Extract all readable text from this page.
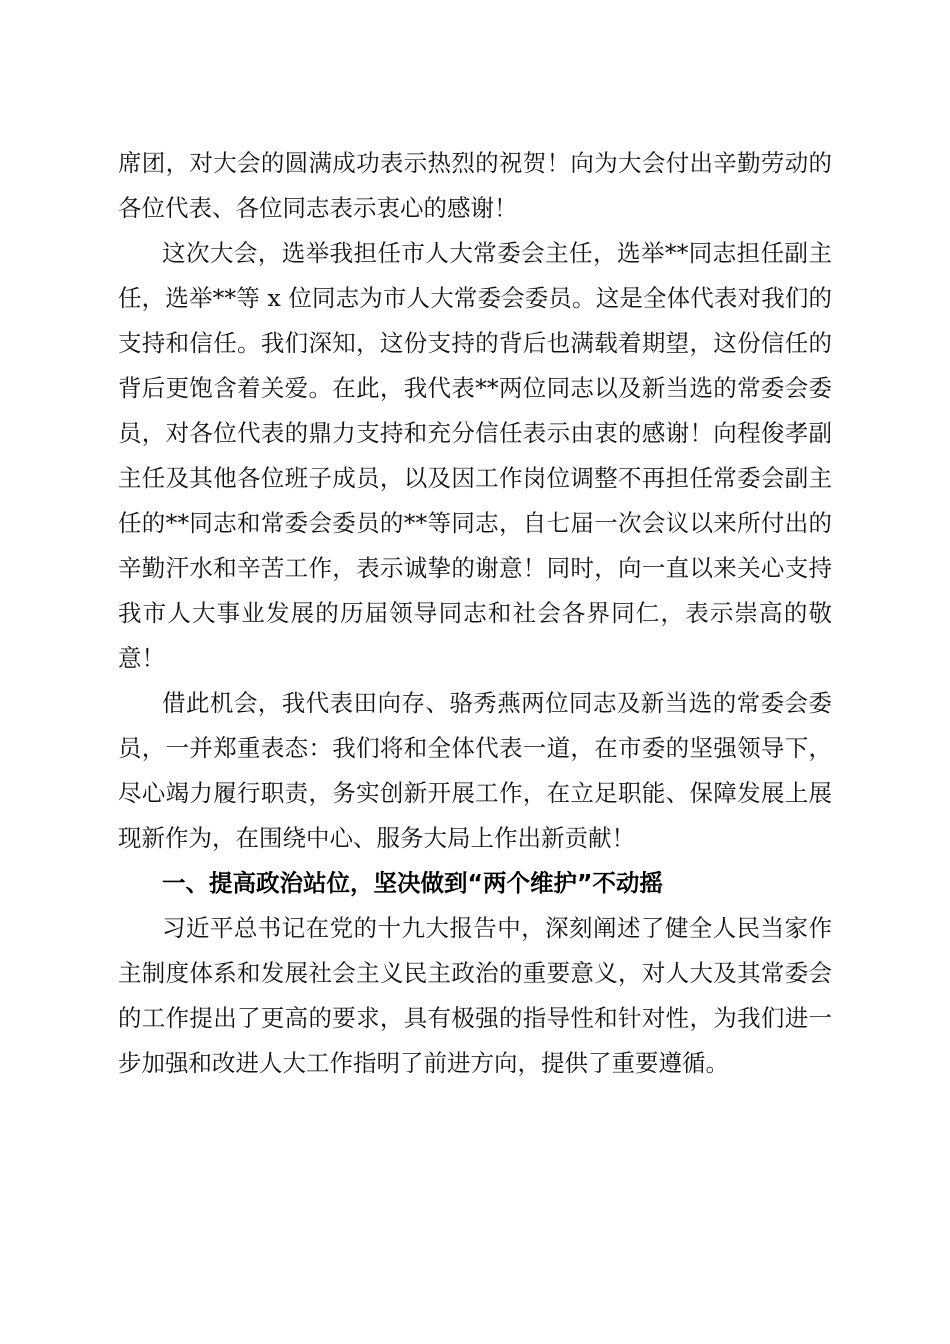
席团，对大会的圆满成功表示热烈的祝贺！向为大会付出辛勤劳动的各位代表、各位同志表示衷心的感谢！

这次大会，选举我担任市人大常委会主任，选举**同志担任副主任，选举**等 x 位同志为市人大常委会委员。这是全体代表对我们的支持和信任。我们深知，这份支持的背后也满载着期望，这份信任的背后更饱含着关爱。在此，我代表**两位同志以及新当选的常委会委员，对各位代表的鼎力支持和充分信任表示由衷的感谢！向程俊孝副主任及其他各位班子成员，以及因工作岗位调整不再担任常委会副主任的**同志和常委会委员的**等同志，自七届一次会议以来所付出的辛勤汗水和辛苦工作，表示诚挚的谢意！同时，向一直以来关心支持我市人大事业发展的历届领导同志和社会各界同仁，表示崇高的敬意！

借此机会，我代表田向存、骆秀燕两位同志及新当选的常委会委员，一并郑重表态：我们将和全体代表一道，在市委的坚强领导下，尽心竭力履行职责，务实创新开展工作，在立足职能、保障发展上展现新作为，在围绕中心、服务大局上作出新贡献！

一、提高政治站位，坚决做到“两个维护”不动摇

习近平总书记在党的十九大报告中，深刻阐述了健全人民当家作主制度体系和发展社会主义民主政治的重要意义，对人大及其常委会的工作提出了更高的要求，具有极强的指导性和针对性，为我们进一步加强和改进人大工作指明了前进方向，提供了重要遵循。
